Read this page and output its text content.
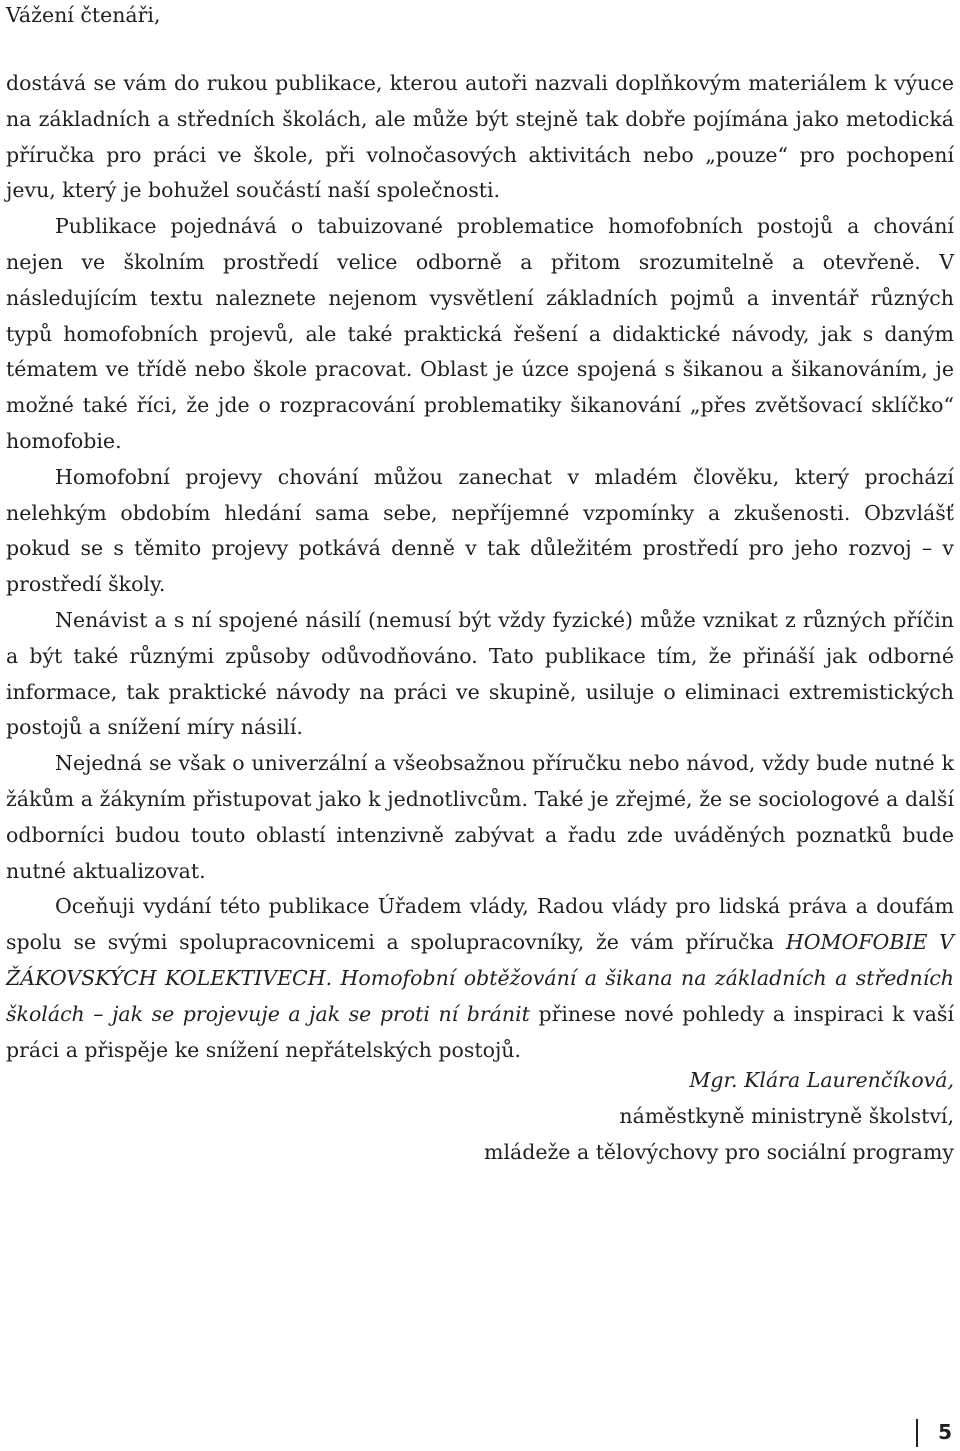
Vážení čtenáři,

dostává se vám do rukou publikace, kterou autoři nazvali doplňkovým materiálem k výuce na základních a středních školách, ale může být stejně tak dobře pojímána jako metodická příručka pro práci ve škole, při volnočasových aktivitách nebo „pouze“ pro pochopení jevu, který je bohužel součástí naší společnosti.

Publikace pojednává o tabuizované problematice homofobních postojů a chování nejen ve školním prostředí velice odborně a přitom srozumitelně a otevřeně. V následujícím textu naleznete nejenom vysvětlení základních pojmů a inventář různých typů homofobních projevů, ale také praktická řešení a didaktické návody, jak s daným tématem ve třídě nebo škole pracovat. Oblast je úzce spojená s šikanou a šikanováním, je možné také říci, že jde o rozpracování problematiky šikanování „přes zvětšovací sklíčko“ homofobie.

Homofobní projevy chování můžou zanechat v mladém člověku, který prochází nelehkým obdobím hledání sama sebe, nepříjemné vzpomínky a zkušenosti. Obzvlášť pokud se s těmito projevy potkává denně v tak důležitém prostředí pro jeho rozvoj – v prostředí školy.

Nenávist a s ní spojené násilí (nemusí být vždy fyzické) může vznikat z různých příčin a být také různými způsoby odůvodňováno. Tato publikace tím, že přináší jak odborné informace, tak praktické návody na práci ve skupině, usiluje o eliminaci extremistických postojů a snížení míry násilí.

Nejedná se však o univerzální a všeobsažnou příručku nebo návod, vždy bude nutné k žákům a žákyním přistupovat jako k jednotlivcům. Také je zřejmé, že se sociologové a další odborníci budou touto oblastí intenzivně zabývat a řadu zde uváděných poznatků bude nutné aktualizovat.

Oceňuji vydání této publikace Úřadem vlády, Radou vlády pro lidská práva a doufám spolu se svými spolupracovnicemi a spolupracovníky, že vám příručka HOMOFOBIE V ŽÁKOVSKÝCH KOLEKTIVECH. Homofobní obtěžování a šikana na základních a středních školách – jak se projevuje a jak se proti ní bránit přinese nové pohledy a inspiraci k vaší práci a přispěje ke snížení nepřátelských postojů.

Mgr. Klára Laurenčíková,
náměstkyně ministryně školství,
mládeže a tělovýchovy pro sociální programy
5
